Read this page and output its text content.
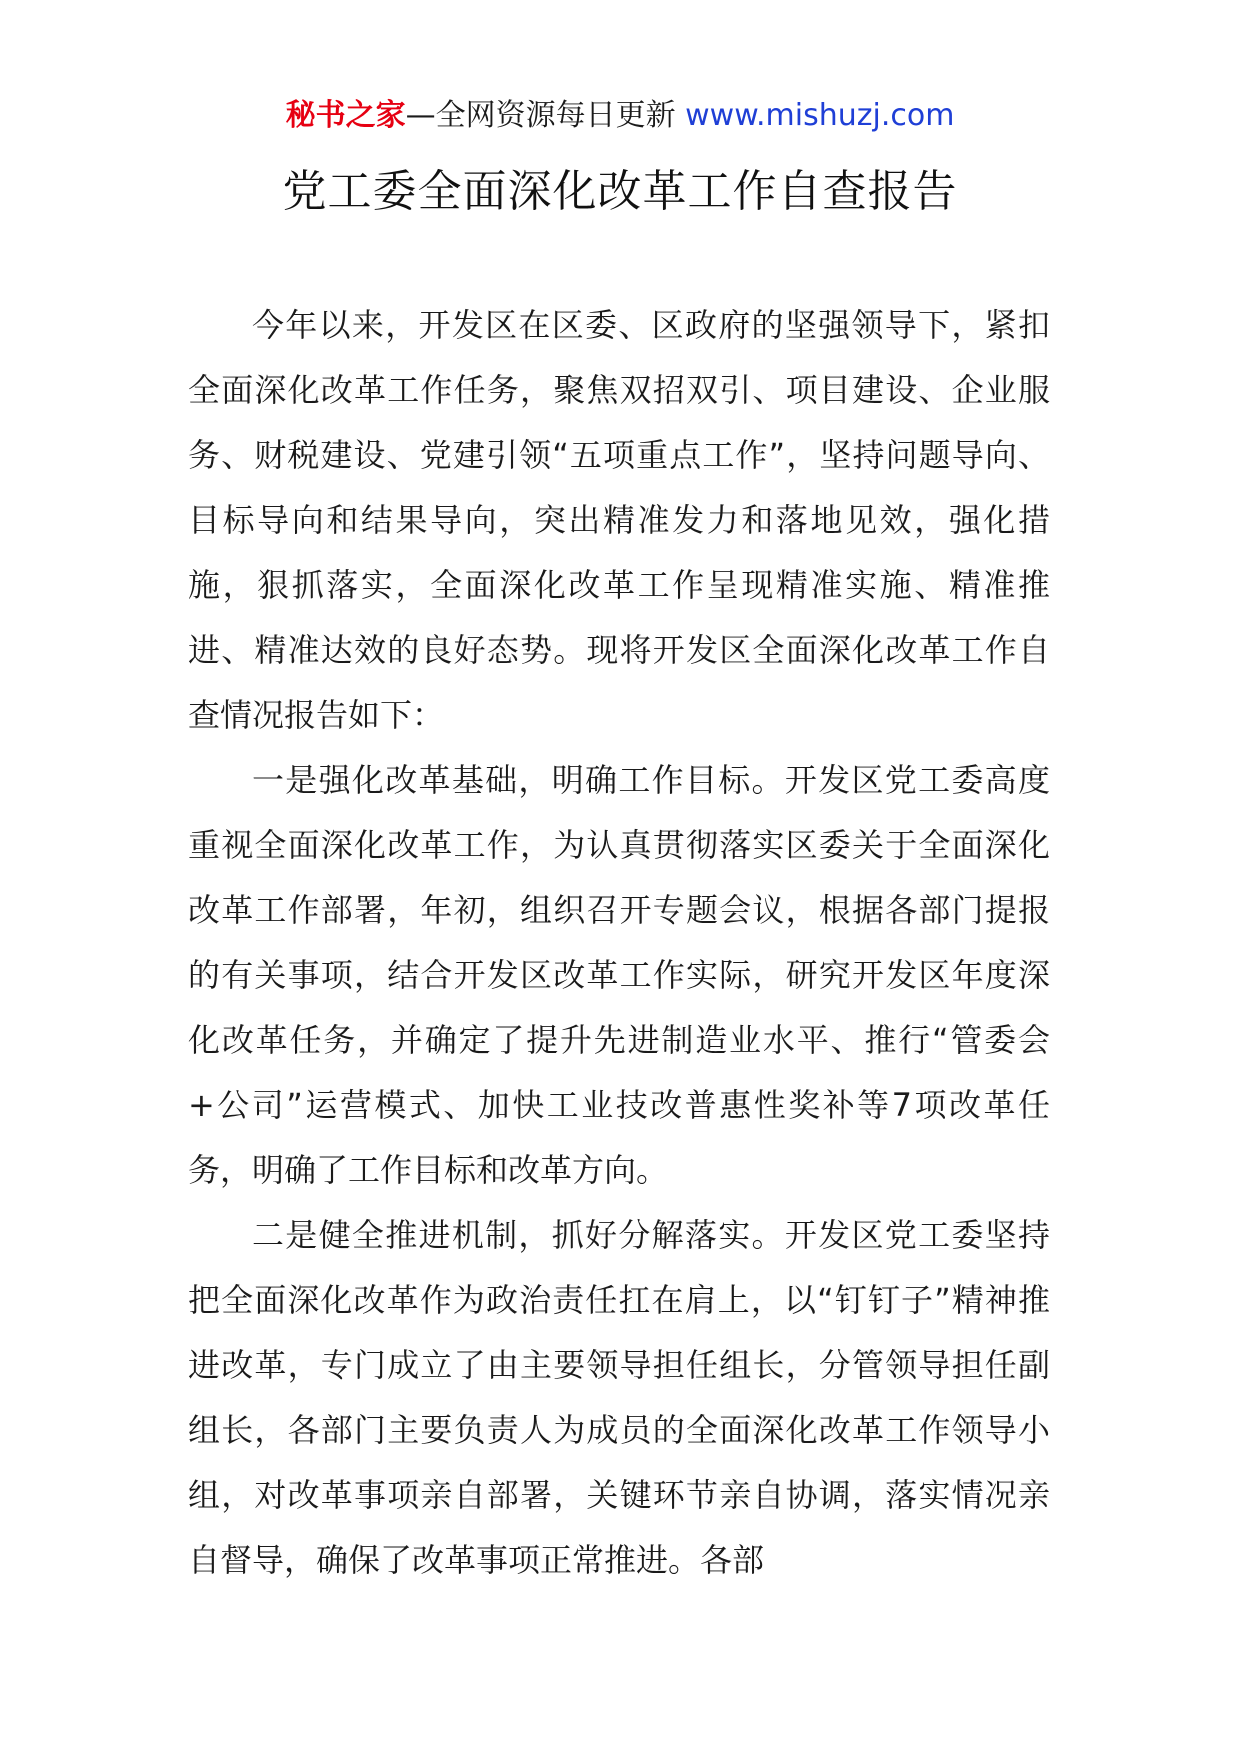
秘书之家—全网资源每日更新 www.mishuzj.com
党工委全面深化改革工作自查报告

今年以来，开发区在区委、区政府的坚强领导下，紧扣全面深化改革工作任务，聚焦双招双引、项目建设、企业服务、财税建设、党建引领“五项重点工作”，坚持问题导向、目标导向和结果导向，突出精准发力和落地见效，强化措施，狠抓落实，全面深化改革工作呈现精准实施、精准推进、精准达效的良好态势。现将开发区全面深化改革工作自查情况报告如下：

一是强化改革基础，明确工作目标。开发区党工委高度重视全面深化改革工作，为认真贯彻落实区委关于全面深化改革工作部署，年初，组织召开专题会议，根据各部门提报的有关事项，结合开发区改革工作实际，研究开发区年度深化改革任务，并确定了提升先进制造业水平、推行“管委会+公司”运营模式、加快工业技改普惠性奖补等7项改革任务，明确了工作目标和改革方向。

二是健全推进机制，抓好分解落实。开发区党工委坚持把全面深化改革作为政治责任扛在肩上，以“钉钉子”精神推进改革，专门成立了由主要领导担任组长，分管领导担任副组长，各部门主要负责人为成员的全面深化改革工作领导小组，对改革事项亲自部署，关键环节亲自协调，落实情况亲自督导，确保了改革事项正常推进。各部
